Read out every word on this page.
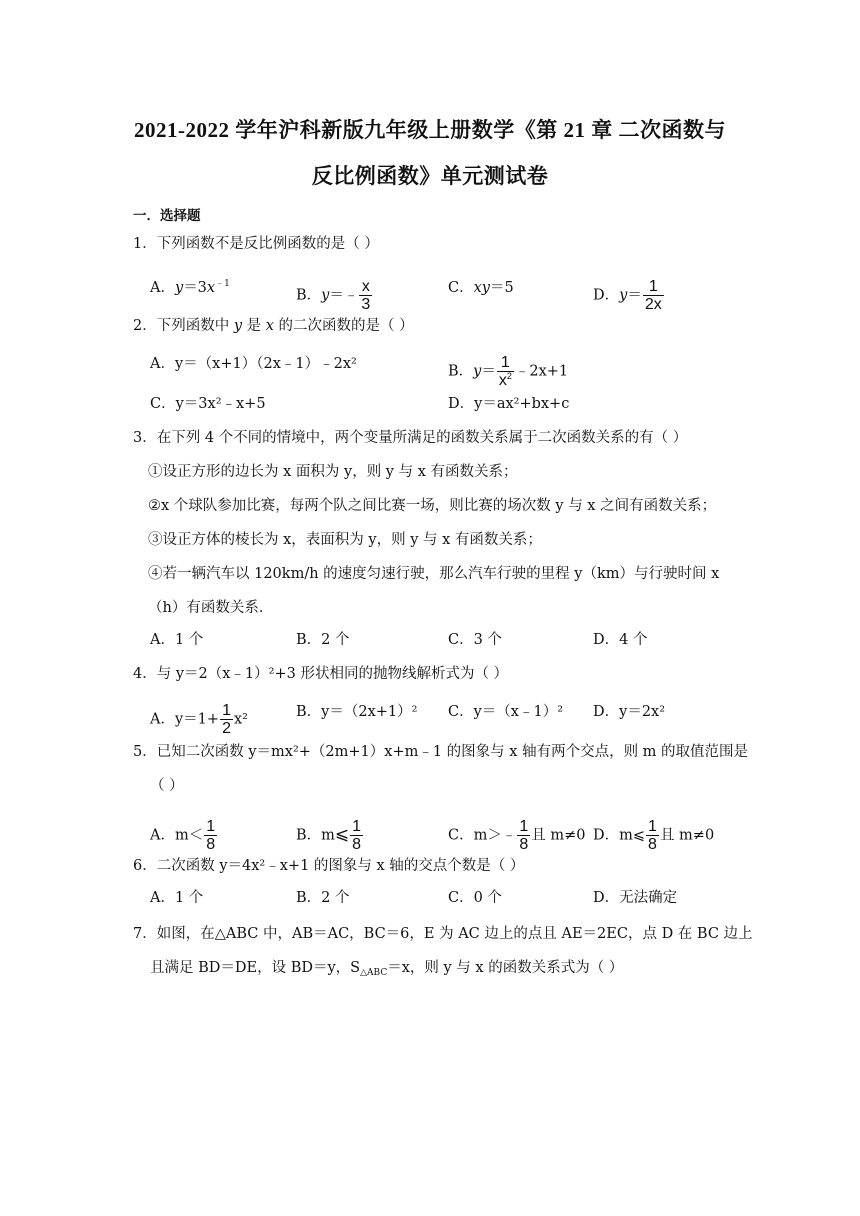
2021-2022 学年沪科新版九年级上册数学《第 21 章 二次函数与
反比例函数》单元测试卷
一．选择题
1．下列函数不是反比例函数的是（ ）
A．$y=3x^{﹣1}$
B．y＝﹣ $\frac{x}{3}$	C．xy＝5	D．$y= \frac{1}{2x}$
2．下列函数中 y 是 x 的二次函数的是（ ）
A．y＝（x+1）（2x﹣1）﹣2x²	B．$y= \frac{1}{x^2}$ ﹣2x+1
C．y＝3x²﹣x+5	D．y＝ax²+bx+c
3．在下列 4 个不同的情境中，两个变量所满足的函数关系属于二次函数关系的有（ ）
①设正方形的边长为 x 面积为 y，则 y 与 x 有函数关系；
②x 个球队参加比赛，每两个队之间比赛一场，则比赛的场次数 y 与 x 之间有函数关系；
③设正方体的棱长为 x，表面积为 y，则 y 与 x 有函数关系；
④若一辆汽车以 120km/h 的速度匀速行驶，那么汽车行驶的里程 y（km）与行驶时间 x
（h）有函数关系．
A．1 个	B．2 个	C．3 个	D．4 个
4．与 y＝2（x﹣1）²+3 形状相同的抛物线解析式为（ ）
A．$y=1+ \frac{1}{2} x^2$	B．y＝（2x+1）² C．y＝（x﹣1）² D．y＝2x²
5．已知二次函数 y＝mx²+（2m+1）x+m﹣1 的图象与 x 轴有两个交点，则 m 的取值范围是
（ ）
A．$m< \frac{1}{8}$	B．m⩽ $\frac{1}{8}$	C．m＞﹣ $\frac{1}{8}$ 且 m≠0 D．m⩽ $\frac{1}{8}$ 且 m≠0
6．二次函数 y＝4x²﹣x+1 的图象与 x 轴的交点个数是（ ）
A．1 个	B．2 个	C．0 个	D．无法确定
7．如图，在△ABC 中，AB＝AC，BC＝6，E 为 AC 边上的点且 AE＝2EC，点 D 在 BC 边上
且满足 BD＝DE，设 BD＝y，$S_{\triangle ABC}=x$，则 y 与 x 的函数关系式为（ ）
